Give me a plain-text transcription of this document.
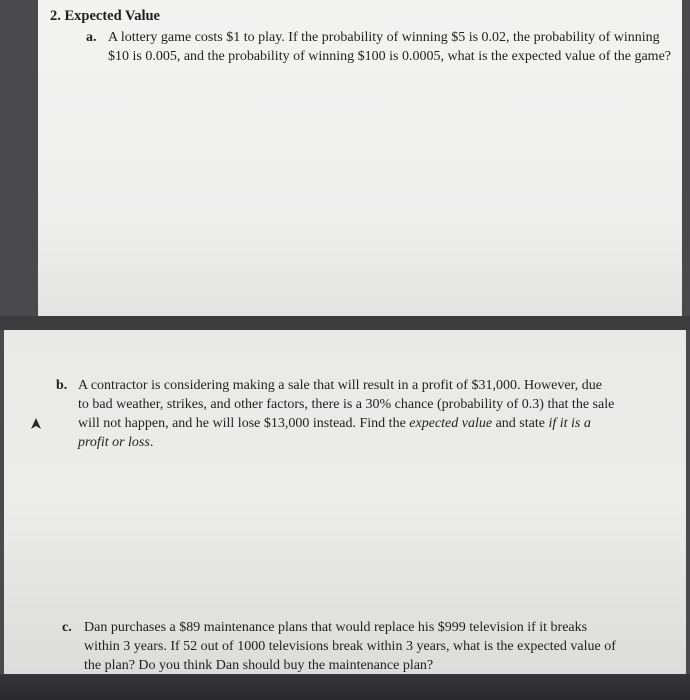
2. Expected Value
a. A lottery game costs $1 to play. If the probability of winning $5 is 0.02, the probability of winning $10 is 0.005, and the probability of winning $100 is 0.0005, what is the expected value of the game?
b. A contractor is considering making a sale that will result in a profit of $31,000. However, due to bad weather, strikes, and other factors, there is a 30% chance (probability of 0.3) that the sale will not happen, and he will lose $13,000 instead. Find the expected value and state if it is a profit or loss.
c. Dan purchases a $89 maintenance plans that would replace his $999 television if it breaks within 3 years. If 52 out of 1000 televisions break within 3 years, what is the expected value of the plan? Do you think Dan should buy the maintenance plan?
